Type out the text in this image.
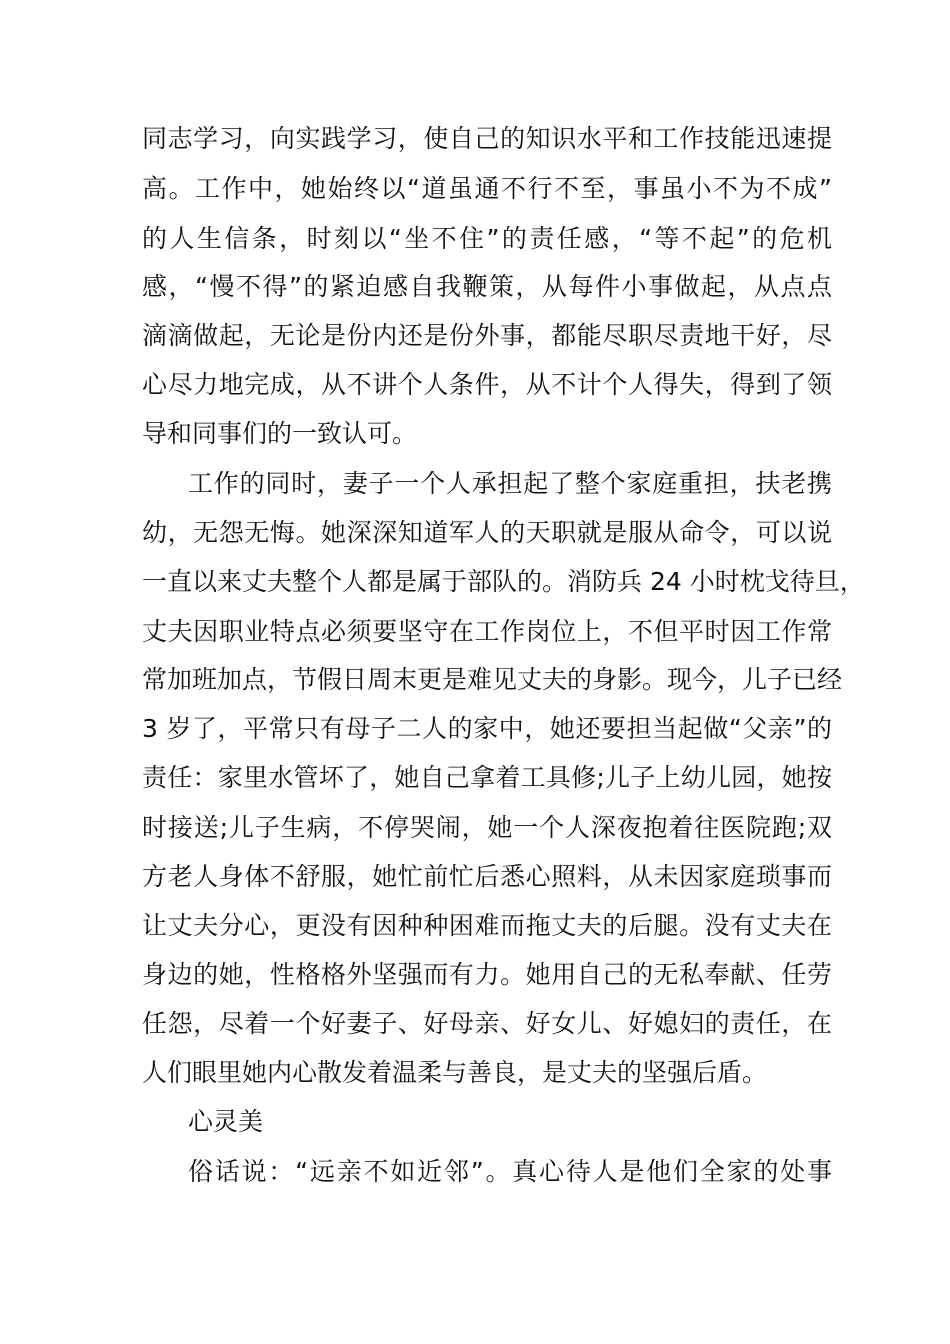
同志学习，向实践学习，使自己的知识水平和工作技能迅速提
高。工作中，她始终以“道虽通不行不至，事虽小不为不成”
的人生信条，时刻以“坐不住”的责任感，“等不起”的危机
感，“慢不得”的紧迫感自我鞭策，从每件小事做起，从点点
滴滴做起，无论是份内还是份外事，都能尽职尽责地干好，尽
心尽力地完成，从不讲个人条件，从不计个人得失，得到了领
导和同事们的一致认可。
工作的同时，妻子一个人承担起了整个家庭重担，扶老携
幼，无怨无悔。她深深知道军人的天职就是服从命令，可以说
一直以来丈夫整个人都是属于部队的。消防兵 24 小时枕戈待旦，
丈夫因职业特点必须要坚守在工作岗位上，不但平时因工作常
常加班加点，节假日周末更是难见丈夫的身影。现今，儿子已经
3 岁了，平常只有母子二人的家中，她还要担当起做“父亲”的
责任：家里水管坏了，她自己拿着工具修;儿子上幼儿园，她按
时接送;儿子生病，不停哭闹，她一个人深夜抱着往医院跑;双
方老人身体不舒服，她忙前忙后悉心照料，从未因家庭琐事而
让丈夫分心，更没有因种种困难而拖丈夫的后腿。没有丈夫在
身边的她，性格格外坚强而有力。她用自己的无私奉献、任劳
任怨，尽着一个好妻子、好母亲、好女儿、好媳妇的责任，在
人们眼里她内心散发着温柔与善良，是丈夫的坚强后盾。
心灵美
俗话说：“远亲不如近邻”。真心待人是他们全家的处事
